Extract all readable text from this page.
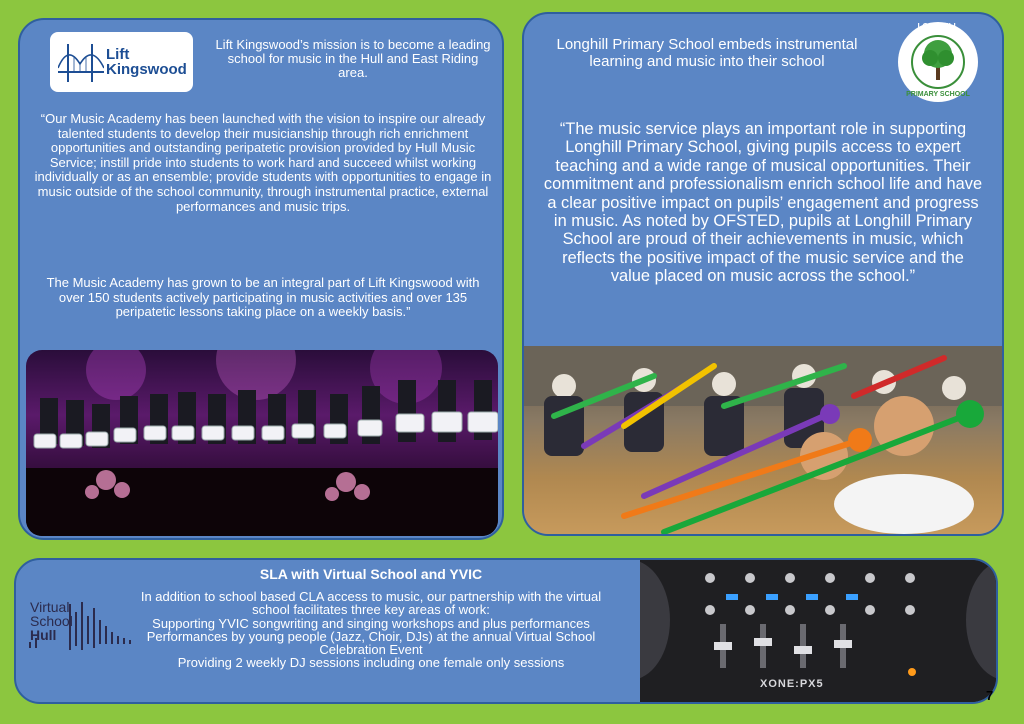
Lift
Kingswood
Lift Kingswood’s mission is to become a leading school for music in the Hull and East Riding area.
“Our Music Academy has been launched with the vision to inspire our already talented students to develop their musicianship through rich enrichment opportunities and outstanding peripatetic provision provided by Hull Music Service; instill pride into students to work hard and succeed whilst working individually or as an ensemble; provide students with opportunities to engage in music outside of the school community, through instrumental practice, external performances and music trips.
The Music Academy has grown to be an integral part of Lift Kingswood with over 150 students actively participating in music activities and over 135 peripatetic lessons taking place on a weekly basis.”
Longhill Primary School embeds instrumental learning and music into their school
LONGHILL
PRIMARY SCHOOL
“The music service plays an important role in supporting Longhill Primary School, giving pupils access to expert teaching and a wide range of musical opportunities. Their commitment and professionalism enrich school life and have a clear positive impact on pupils’ engagement and progress in music. As noted by OFSTED, pupils at Longhill Primary School are proud of their achievements in music, which reflects the positive impact of the music service and the value placed on music across the school.”
Virtual
School
Hull
SLA with Virtual School and YVIC
In addition to school based CLA access to music, our partnership with the virtual school facilitates three key areas of work:
Supporting YVIC songwriting and singing workshops and plus performances
Performances by young people (Jazz, Choir, DJs) at the annual Virtual School Celebration Event
Providing 2 weekly DJ sessions including one female only sessions
XONE:PX5
7
